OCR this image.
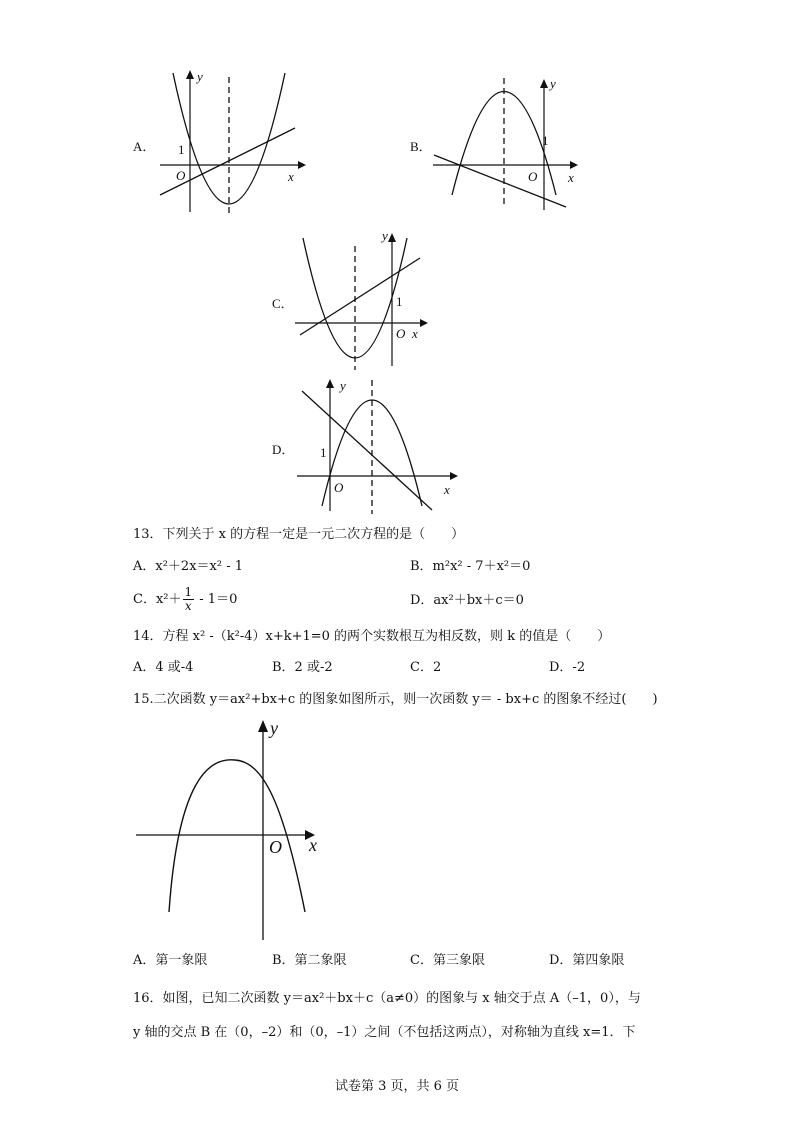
A．
y
1
O	x
B．
y
1
O x
C．
y
1
O x
D．
y
1
O	x
13．下列关于 x 的方程一定是一元二次方程的是（　　）
A．x²＋2x＝x² - 1	B．m²x² - 7＋x²＝0
C．$x^2+ \frac{1}{x} - 1=0$	D．ax²＋bx＋c＝0
14．方程 x² -（k²-4）x+k+1=0 的两个实数根互为相反数，则 k 的值是（　　）
A．4 或-4	B．2 或-2	C．2	D．-2
15.二次函数 y＝ax²+bx+c 的图象如图所示，则一次函数 y＝ - bx+c 的图象不经过(　　)
y
O x
A．第一象限	B．第二象限	C．第三象限	D．第四象限
16．如图，已知二次函数 y＝ax²＋bx＋c（a≠0）的图象与 x 轴交于点 A（–1，0），与
y 轴的交点 B 在（0，–2）和（0，–1）之间（不包括这两点），对称轴为直线 x=1．下
试卷第 3 页，共 6 页
